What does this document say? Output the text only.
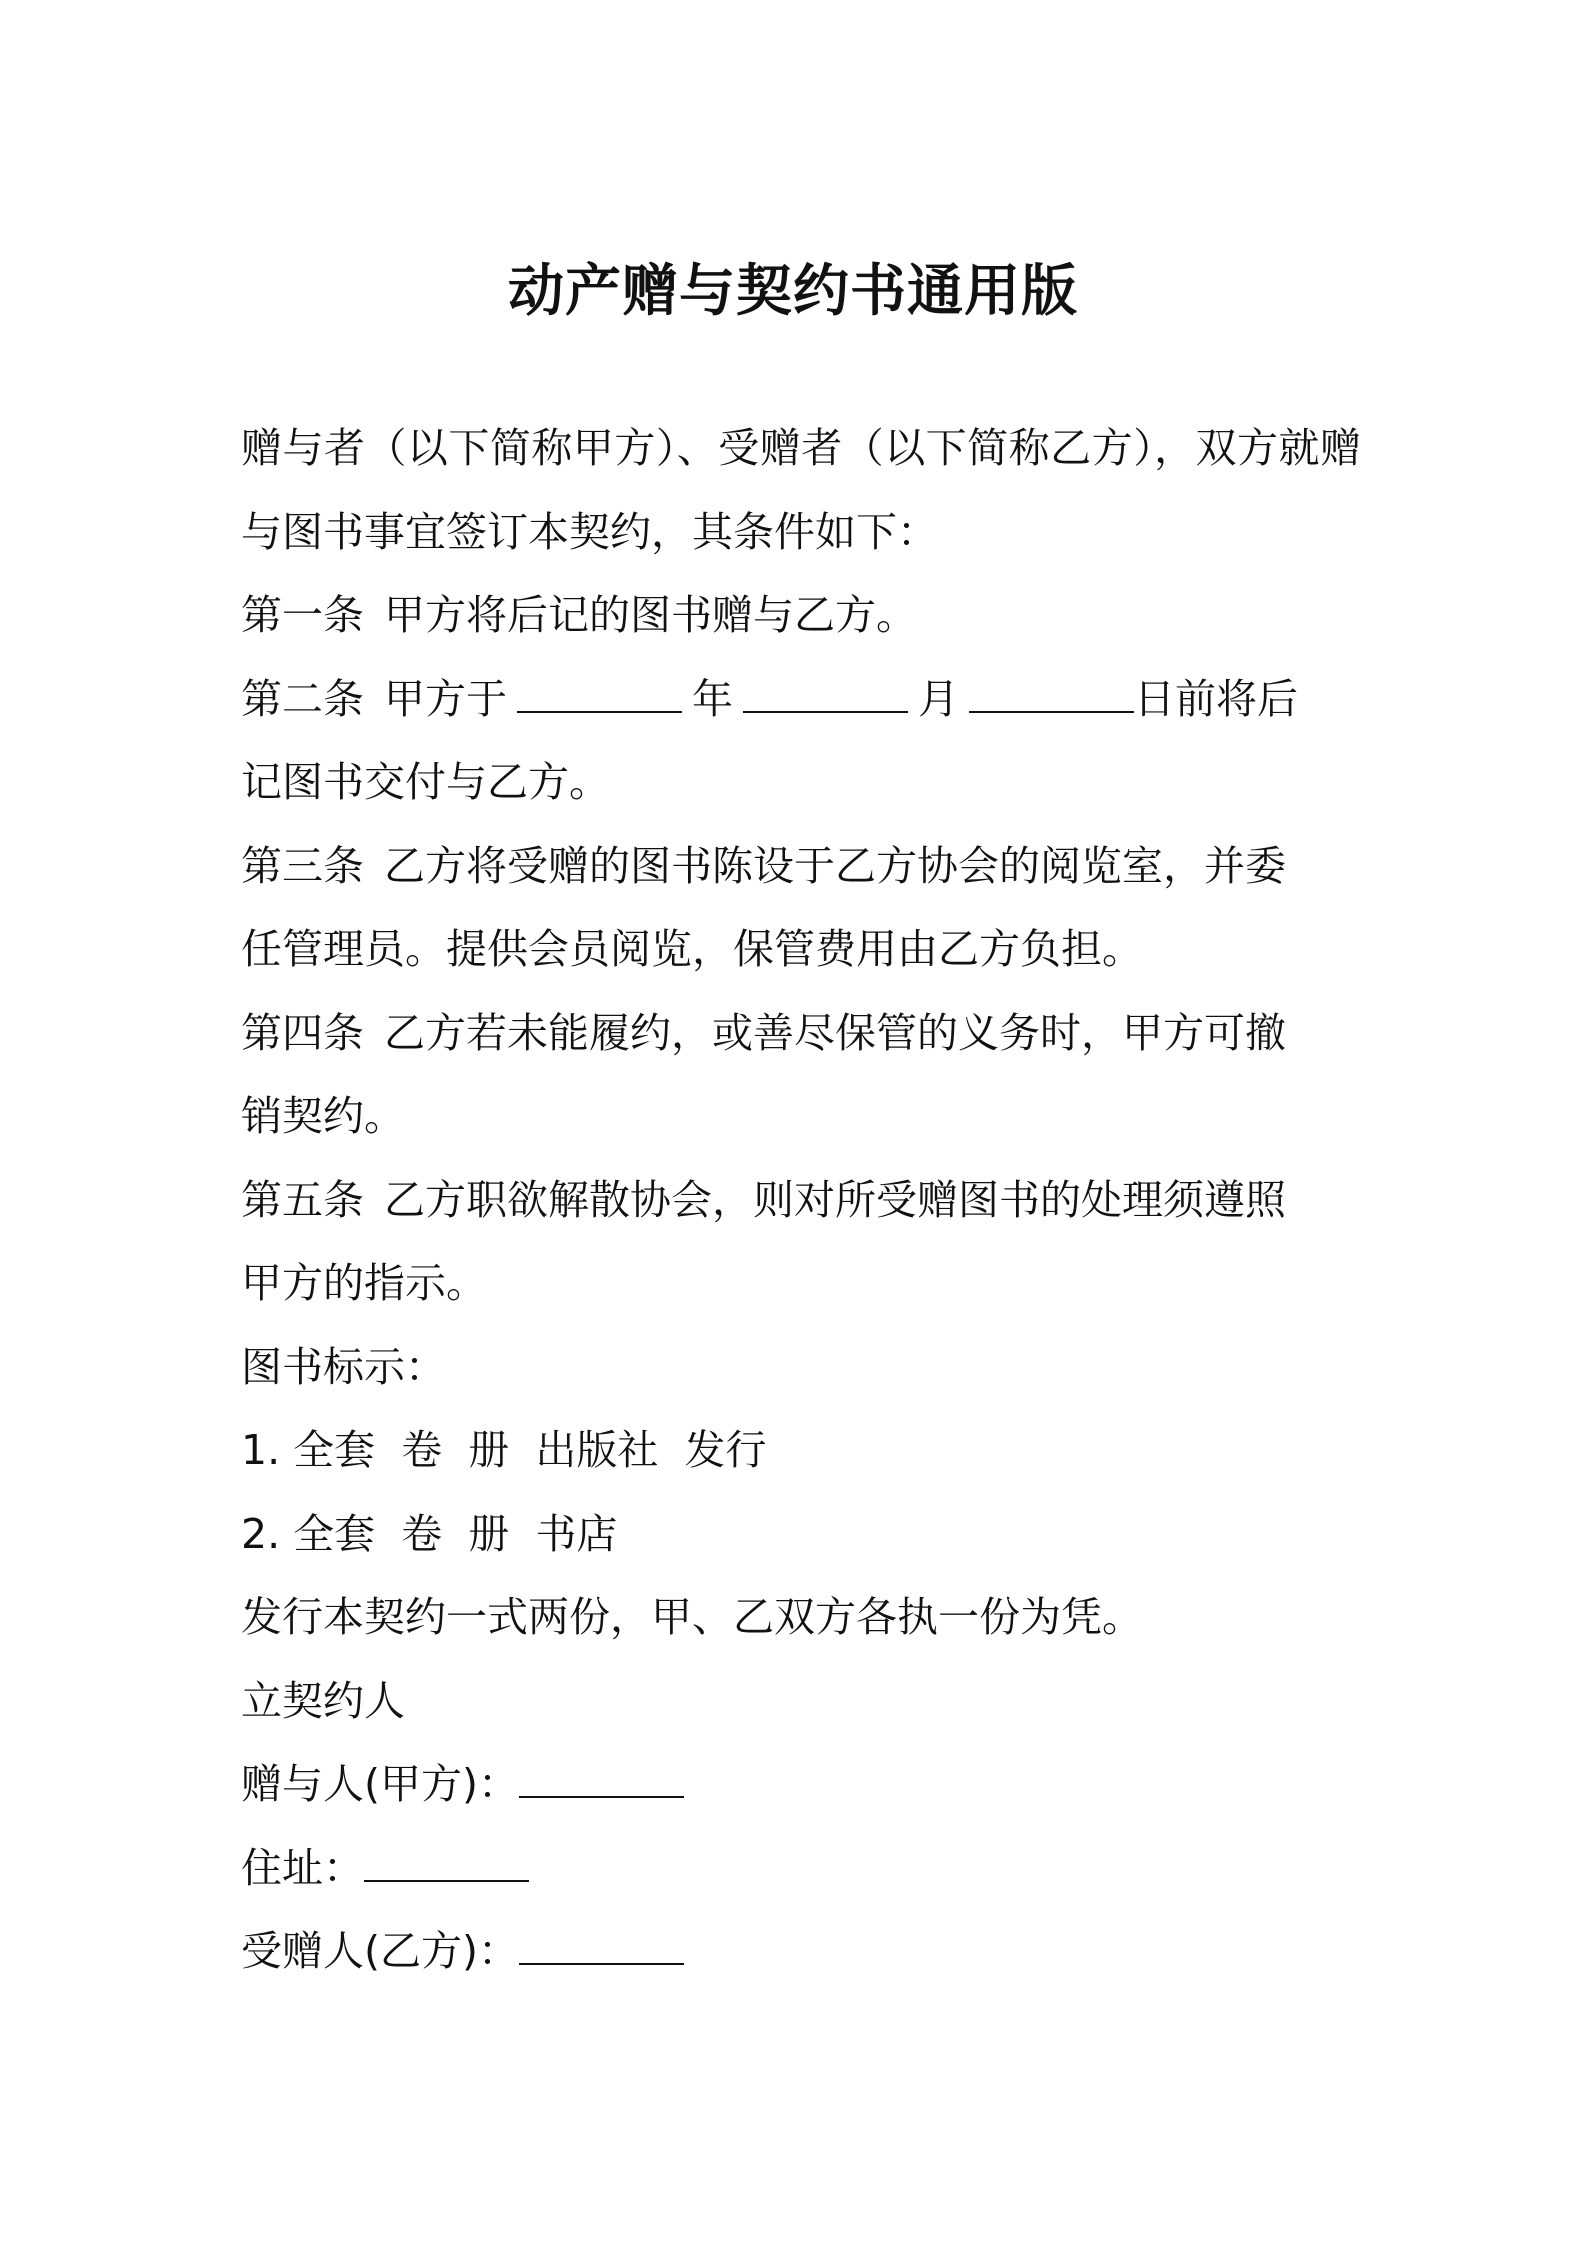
动产赠与契约书通用版
赠与者（以下简称甲方）、受赠者（以下简称乙方），双方就赠
与图书事宜签订本契约，其条件如下：
第一条 甲方将后记的图书赠与乙方。
第二条 甲方于	年	月	日前将后
记图书交付与乙方。
第三条 乙方将受赠的图书陈设于乙方协会的阅览室，并委
任管理员。提供会员阅览，保管费用由乙方负担。
第四条 乙方若未能履约，或善尽保管的义务时，甲方可撤
销契约。
第五条 乙方职欲解散协会，则对所受赠图书的处理须遵照
甲方的指示。
图书标示：
1. 全套  卷  册  出版社  发行
2. 全套  卷  册  书店
发行本契约一式两份，甲、乙双方各执一份为凭。
立契约人
赠与人(甲方)：
住址：
受赠人(乙方)：
